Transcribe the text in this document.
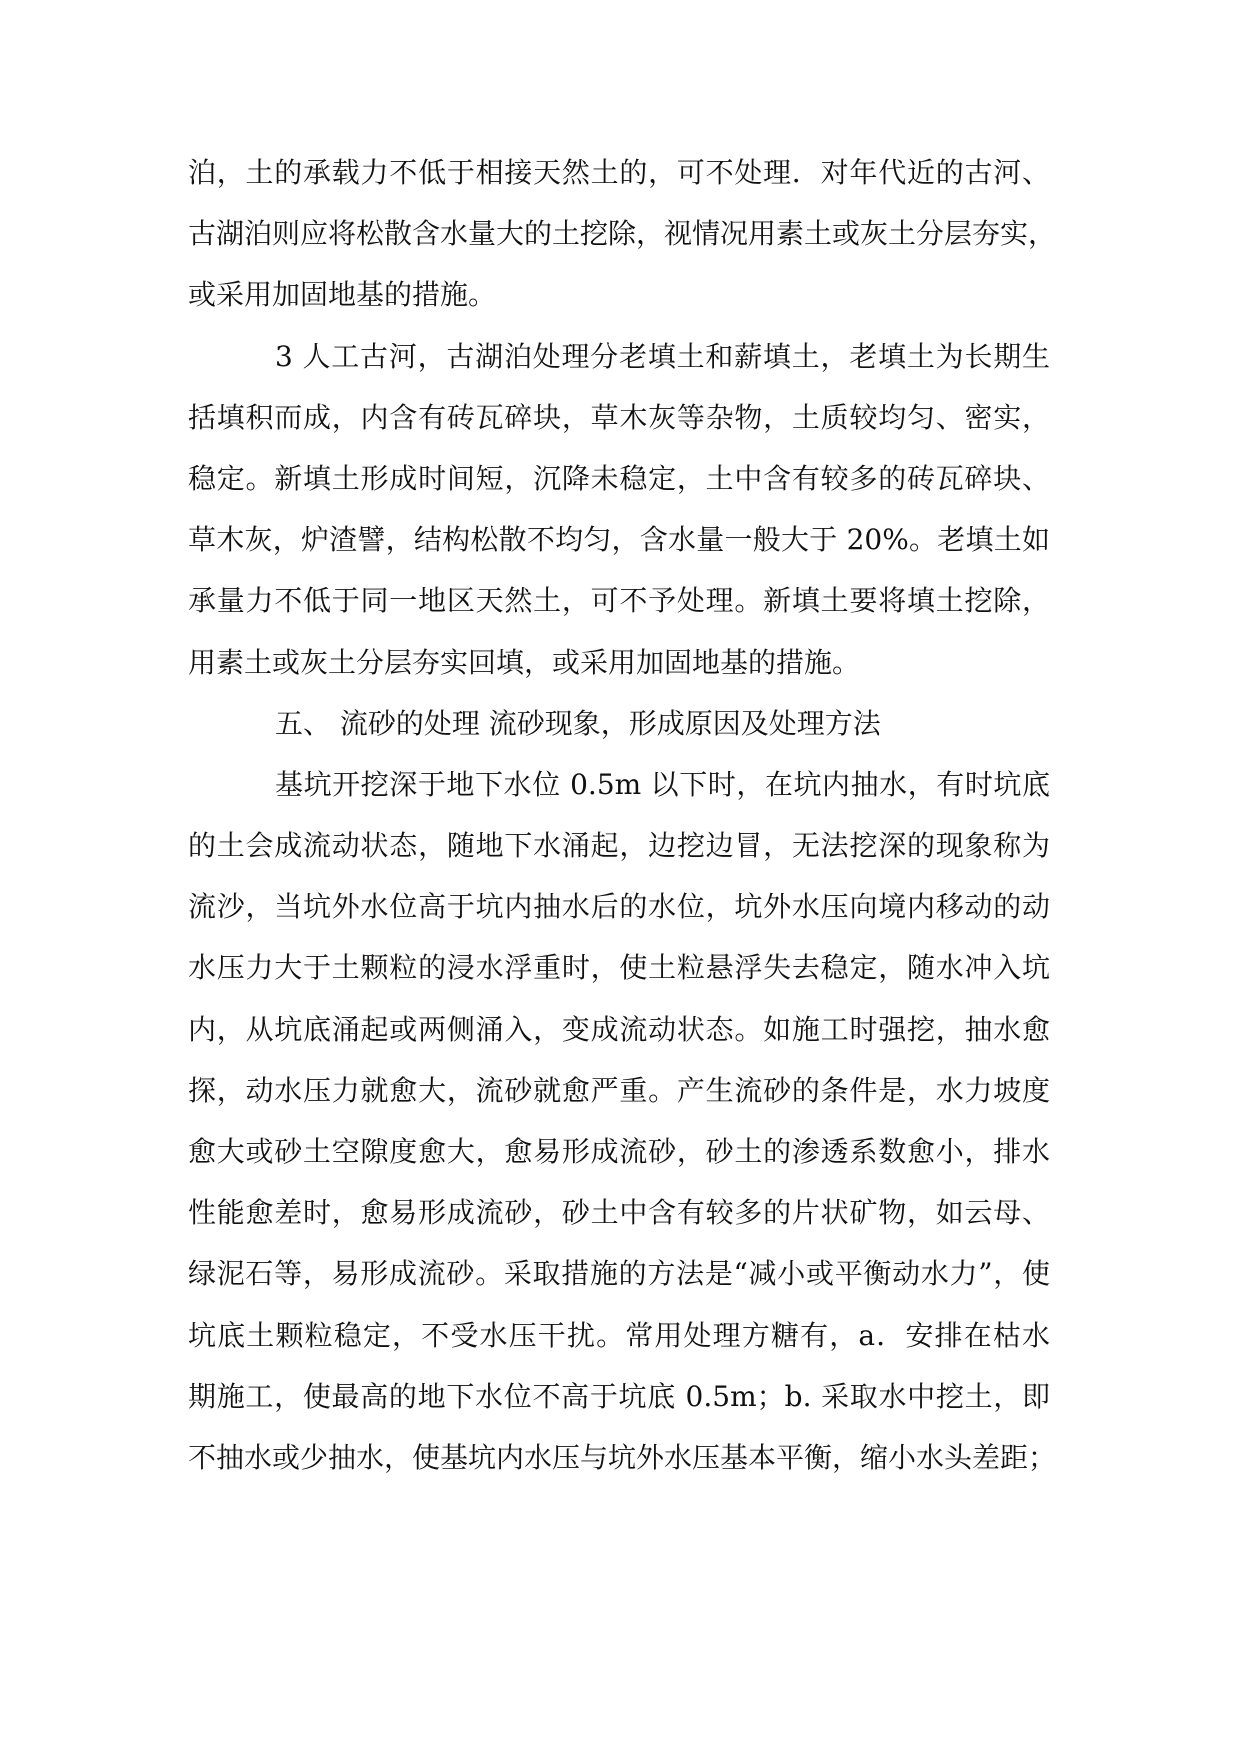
泊，土的承载力不低于相接天然土的，可不处理．对年代近的古河、
古湖泊则应将松散含水量大的土挖除，视情况用素土或灰土分层夯实，
或采用加固地基的措施。
3 人工古河，古湖泊处理分老填土和薪填土，老填土为长期生
括填积而成，内含有砖瓦碎块，草木灰等杂物，土质较均匀、密实，
稳定。新填土形成时间短，沉降未稳定，土中含有较多的砖瓦碎块、
草木灰，炉渣譬，结构松散不均匀，含水量一般大于 20%。老填土如
承量力不低于同一地区天然土，可不予处理。新填土要将填土挖除，
用素土或灰土分层夯实回填，或采用加固地基的措施。
五、 流砂的处理 流砂现象，形成原因及处理方法
基坑开挖深于地下水位 0.5m 以下时，在坑内抽水，有时坑底
的土会成流动状态，随地下水涌起，边挖边冒，无法挖深的现象称为
流沙，当坑外水位高于坑内抽水后的水位，坑外水压向境内移动的动
水压力大于土颗粒的浸水浮重时，使土粒悬浮失去稳定，随水冲入坑
内，从坑底涌起或两侧涌入，变成流动状态。如施工时强挖，抽水愈
探，动水压力就愈大，流砂就愈严重。产生流砂的条件是，水力坡度
愈大或砂土空隙度愈大，愈易形成流砂，砂土的渗透系数愈小，排水
性能愈差时，愈易形成流砂，砂土中含有较多的片状矿物，如云母、
绿泥石等，易形成流砂。采取措施的方法是“减小或平衡动水力”，使
坑底土颗粒稳定，不受水压干扰。常用处理方糖有，a．安排在枯水
期施工，使最高的地下水位不高于坑底 0.5m；b. 采取水中挖土，即
不抽水或少抽水，使基坑内水压与坑外水压基本平衡，缩小水头差距；
